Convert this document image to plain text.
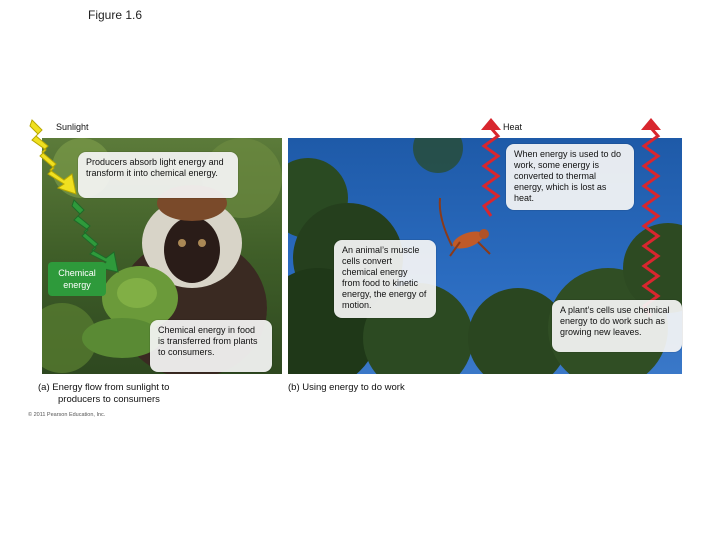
Figure 1.6
Sunlight	Heat
Chemical energy
Producers absorb light energy and transform it into chemical energy.
Chemical energy in food is transferred from plants to consumers.
An animal’s muscle cells convert chemical energy from food to kinetic energy, the energy of motion.
When energy is used to do work, some energy is converted to thermal energy, which is lost as heat.
A plant’s cells use chemical energy to do work such as growing new leaves.
(a) Energy flow from sunlight to
producers to consumers
(b) Using energy to do work
© 2011 Pearson Education, Inc.
